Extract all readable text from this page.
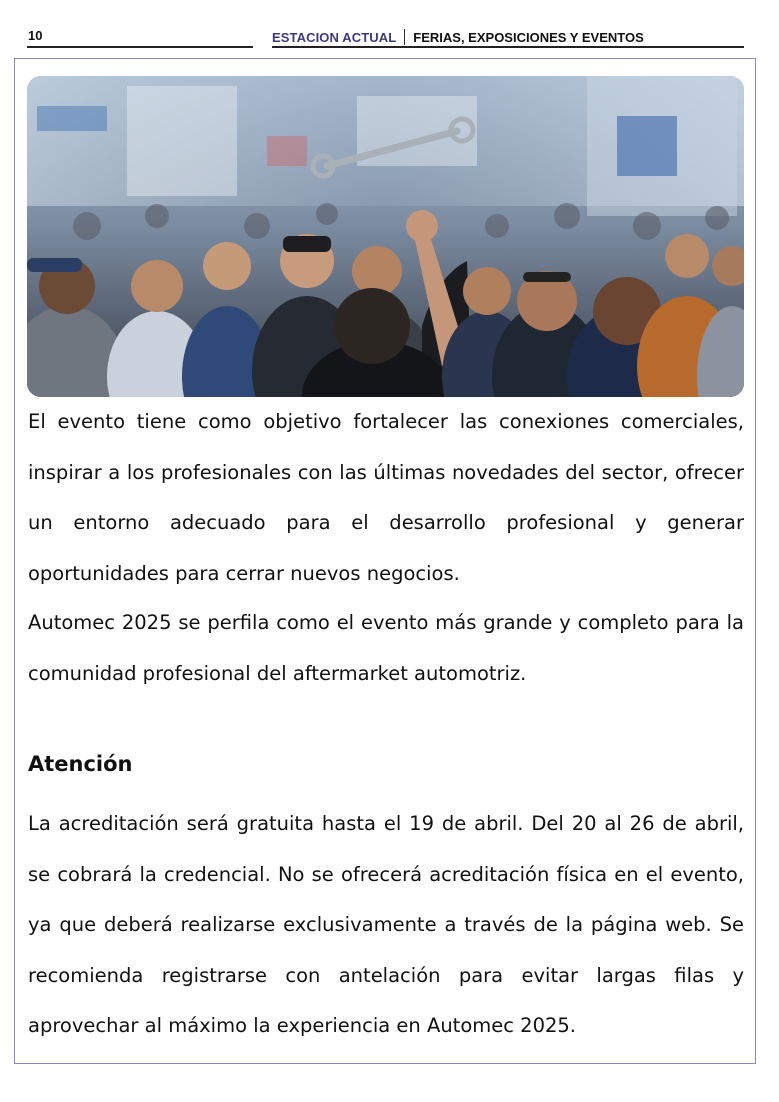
10	ESTACION ACTUAL FERIAS, EXPOSICIONES Y EVENTOS

El evento tiene como objetivo fortalecer las conexiones comerciales, inspirar a los profesionales con las últimas novedades del sector, ofrecer un entorno adecuado para el desarrollo profesional y generar oportunidades para cerrar nuevos negocios.

Automec 2025 se perfila como el evento más grande y completo para la comunidad profesional del aftermarket automotriz.

Atención

La acreditación será gratuita hasta el 19 de abril. Del 20 al 26 de abril, se cobrará la credencial. No se ofrecerá acreditación física en el evento, ya que deberá realizarse exclusivamente a través de la página web. Se recomienda registrarse con antelación para evitar largas filas y aprovechar al máximo la experiencia en Automec 2025.
